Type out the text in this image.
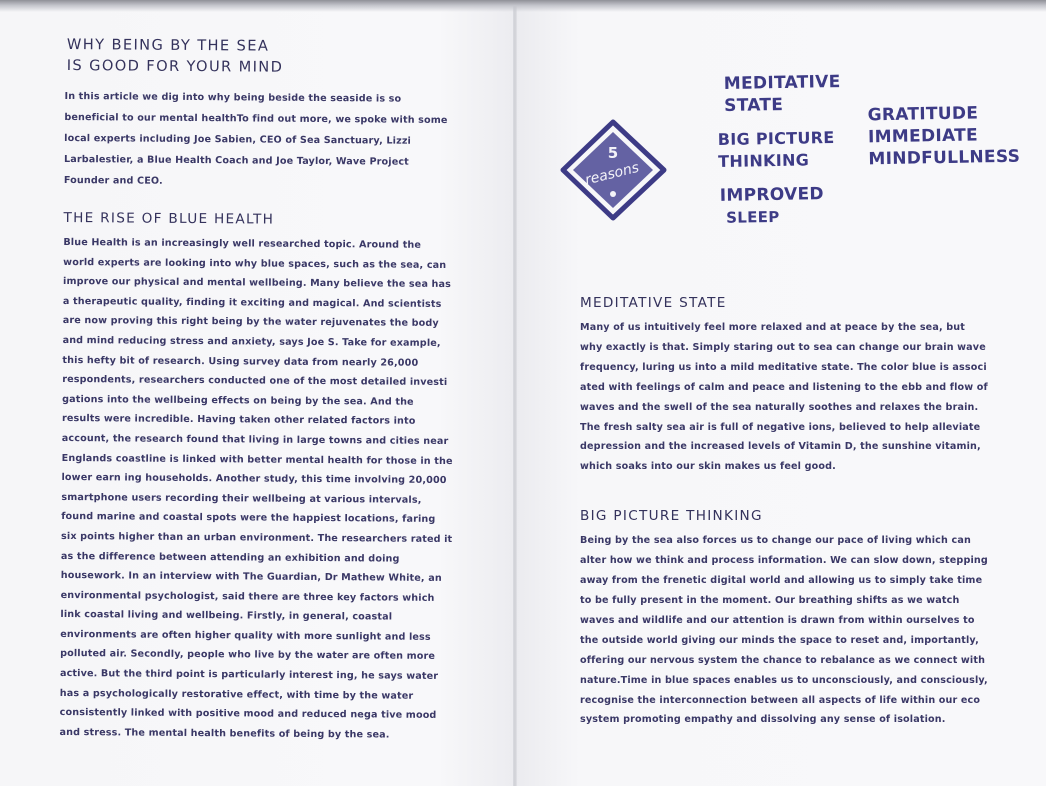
WHY BEING BY THE SEA
IS GOOD FOR YOUR MIND

In this article we dig into why being beside the seaside is so beneficial to our mental healthTo find out more, we spoke with some local experts including Joe Sabien, CEO of Sea Sanctuary, Lizzi Larbalestier, a Blue Health Coach and Joe Taylor, Wave Project Founder and CEO.

THE RISE OF BLUE HEALTH

Blue Health is an increasingly well researched topic. Around the world experts are looking into why blue spaces, such as the sea, can improve our physical and mental wellbeing. Many believe the sea has a therapeutic quality, finding it exciting and magical. And scientists are now proving this right being by the water rejuvenates the body and mind reducing stress and anxiety, says Joe S. Take for example, this hefty bit of research. Using survey data from nearly 26,000 respondents, researchers conducted one of the most detailed investi gations into the wellbeing effects on being by the sea. And the results were incredible. Having taken other related factors into account, the research found that living in large towns and cities near Englands coastline is linked with better mental health for those in the lower earn ing households. Another study, this time involving 20,000 smartphone users recording their wellbeing at various intervals, found marine and coastal spots were the happiest locations, faring six points higher than an urban environment. The researchers rated it as the difference between attending an exhibition and doing housework. In an interview with The Guardian, Dr Mathew White, an environmental psychologist, said there are three key factors which link coastal living and wellbeing. Firstly, in general, coastal environments are often higher quality with more sunlight and less polluted air. Secondly, people who live by the water are often more active. But the third point is particularly interest ing, he says water has a psychologically restorative effect, with time by the water consistently linked with positive mood and reduced nega tive mood and stress. The mental health benefits of being by the sea.

5
reasons
MEDITATIVE
STATE
BIG PICTURE
THINKING
IMPROVED
SLEEP
GRATITUDE
IMMEDIATE
MINDFULLNESS
MEDITATIVE STATE

Many of us intuitively feel more relaxed and at peace by the sea, but why exactly is that. Simply staring out to sea can change our brain wave frequency, luring us into a mild meditative state. The color blue is associ ated with feelings of calm and peace and listening to the ebb and flow of waves and the swell of the sea naturally soothes and relaxes the brain. The fresh salty sea air is full of negative ions, believed to help alleviate depression and the increased levels of Vitamin D, the sunshine vitamin, which soaks into our skin makes us feel good.

BIG PICTURE THINKING

Being by the sea also forces us to change our pace of living which can alter how we think and process information. We can slow down, stepping away from the frenetic digital world and allowing us to simply take time to be fully present in the moment. Our breathing shifts as we watch waves and wildlife and our attention is drawn from within ourselves to the outside world giving our minds the space to reset and, importantly, offering our nervous system the chance to rebalance as we connect with nature.Time in blue spaces enables us to unconsciously, and consciously, recognise the interconnection between all aspects of life within our eco system promoting empathy and dissolving any sense of isolation.
